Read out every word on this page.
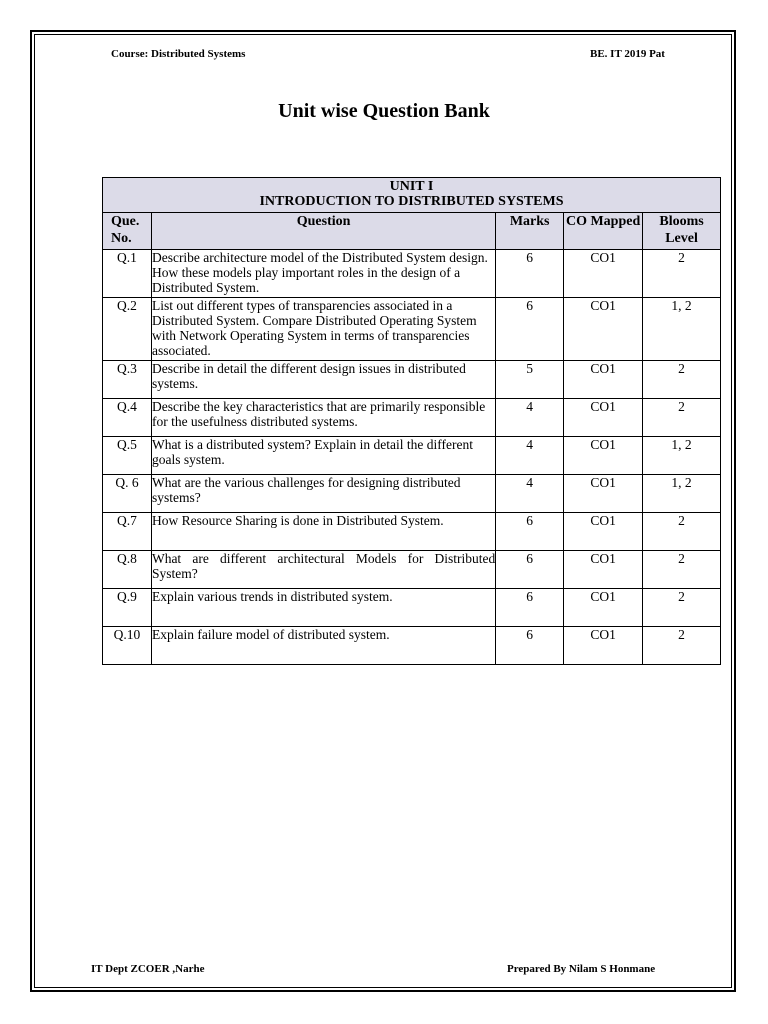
Course: Distributed Systems	BE. IT 2019 Pat
Unit wise Question Bank
UNIT I
INTRODUCTION TO DISTRIBUTED SYSTEMS				

Que. No.	Question	Marks	CO Mapped	Blooms Level
Q.1	Describe architecture model of the Distributed System design. How these models play important roles in the design of a Distributed System.	6	CO1	2
Q.2	List out different types of transparencies associated in a Distributed System. Compare Distributed Operating System with Network Operating System in terms of transparencies associated.	6	CO1	1, 2
Q.3	Describe in detail the different design issues in distributed systems.	5	CO1	2
Q.4	Describe the key characteristics that are primarily responsible for the usefulness distributed systems.	4	CO1	2
Q.5	What is a distributed system? Explain in detail the different goals system.	4	CO1	1, 2
Q. 6	What are the various challenges for designing distributed systems?	4	CO1	1, 2
Q.7	How Resource Sharing is done in Distributed System.	6	CO1	2
Q.8	What are different architectural Models for Distributed System?	6	CO1	2
Q.9	Explain various trends in distributed system.	6	CO1	2
Q.10	Explain failure model of distributed system.	6	CO1	2
IT Dept ZCOER ,Narhe	Prepared By Nilam S Honmane
